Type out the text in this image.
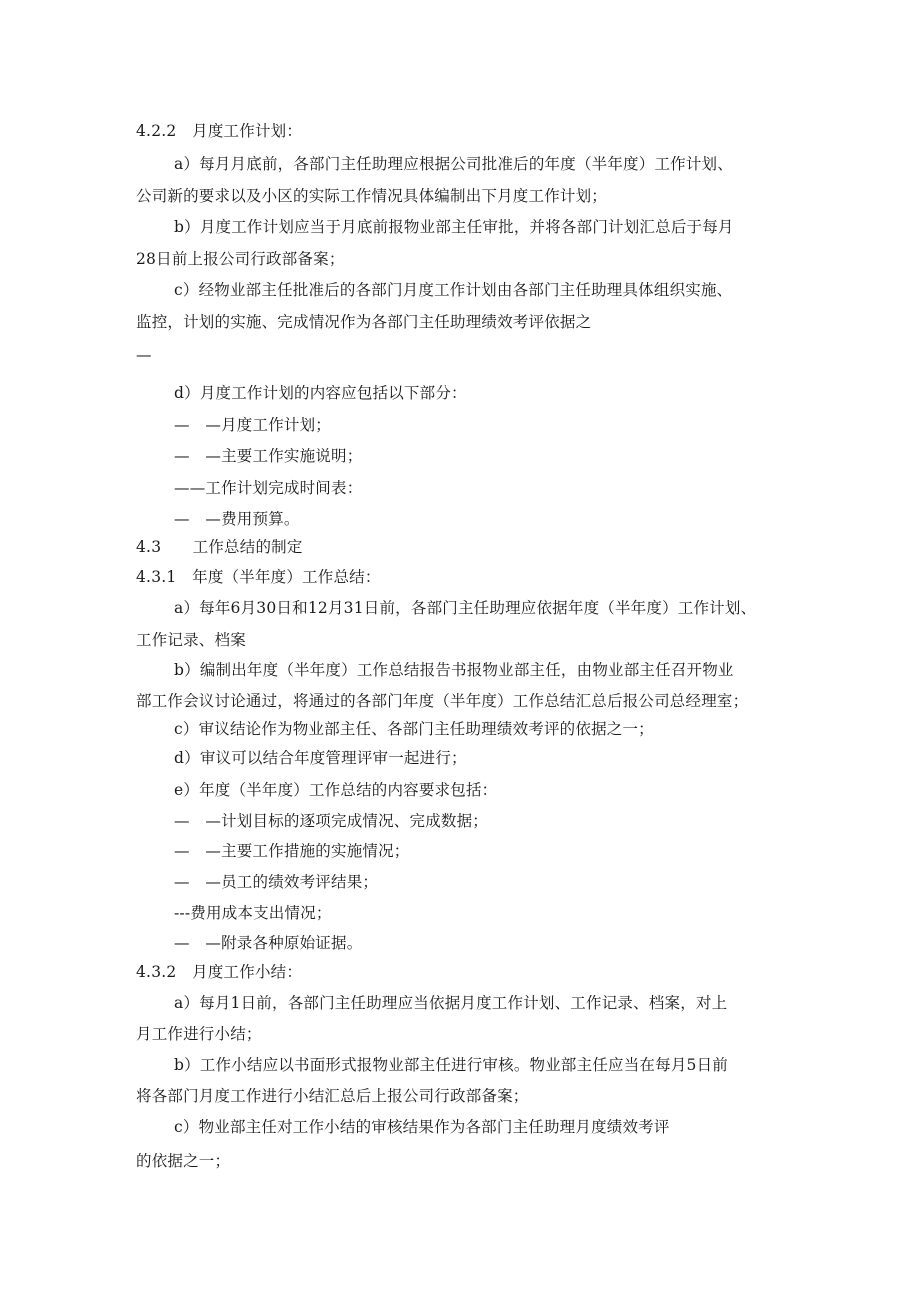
4.2.2　月度工作计划：
a）每月月底前，各部门主任助理应根据公司批准后的年度（半年度）工作计划、
公司新的要求以及小区的实际工作情况具体编制出下月度工作计划；
b）月度工作计划应当于月底前报物业部主任审批，并将各部门计划汇总后于每月
28日前上报公司行政部备案；
c）经物业部主任批准后的各部门月度工作计划由各部门主任助理具体组织实施、
监控，计划的实施、完成情况作为各部门主任助理绩效考评依据之
—
d）月度工作计划的内容应包括以下部分：
—　—月度工作计划；
—　—主要工作实施说明；
——工作计划完成时间表：
—　—费用预算。
4.3　　工作总结的制定
4.3.1　年度（半年度）工作总结：
a）每年6月30日和12月31日前，各部门主任助理应依据年度（半年度）工作计划、
工作记录、档案
b）编制出年度（半年度）工作总结报告书报物业部主任，由物业部主任召开物业
部工作会议讨论通过，将通过的各部门年度（半年度）工作总结汇总后报公司总经理室；
c）审议结论作为物业部主任、各部门主任助理绩效考评的依据之一；
d）审议可以结合年度管理评审一起进行；
e）年度（半年度）工作总结的内容要求包括：
—　—计划目标的逐项完成情况、完成数据；
—　—主要工作措施的实施情况；
—　—员工的绩效考评结果；
---费用成本支出情况；
—　—附录各种原始证据。
4.3.2　月度工作小结：
a）每月1日前，各部门主任助理应当依据月度工作计划、工作记录、档案，对上
月工作进行小结；
b）工作小结应以书面形式报物业部主任进行审核。物业部主任应当在每月5日前
将各部门月度工作进行小结汇总后上报公司行政部备案；
c）物业部主任对工作小结的审核结果作为各部门主任助理月度绩效考评
的依据之一；
